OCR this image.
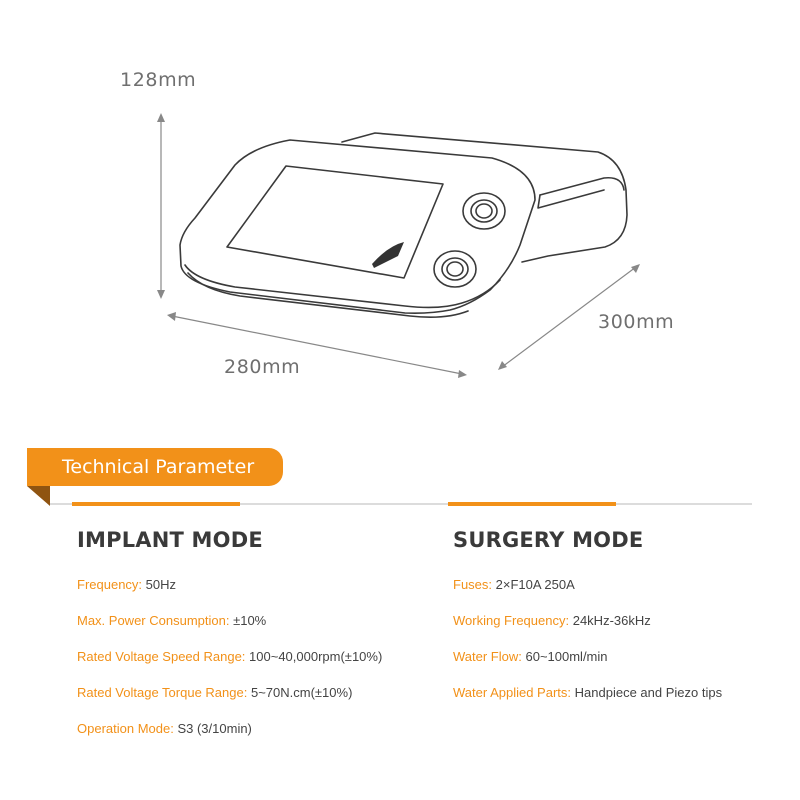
128mm
280mm
300mm
Technical Parameter
IMPLANT MODE
Frequency: 50Hz
Max. Power Consumption: ±10%
Rated Voltage Speed Range: 100~40,000rpm(±10%)
Rated Voltage Torque Range: 5~70N.cm(±10%)
Operation Mode: S3 (3/10min)
SURGERY MODE
Fuses: 2×F10A 250A
Working Frequency: 24kHz-36kHz
Water Flow: 60~100ml/min
Water Applied Parts: Handpiece and Piezo tips
